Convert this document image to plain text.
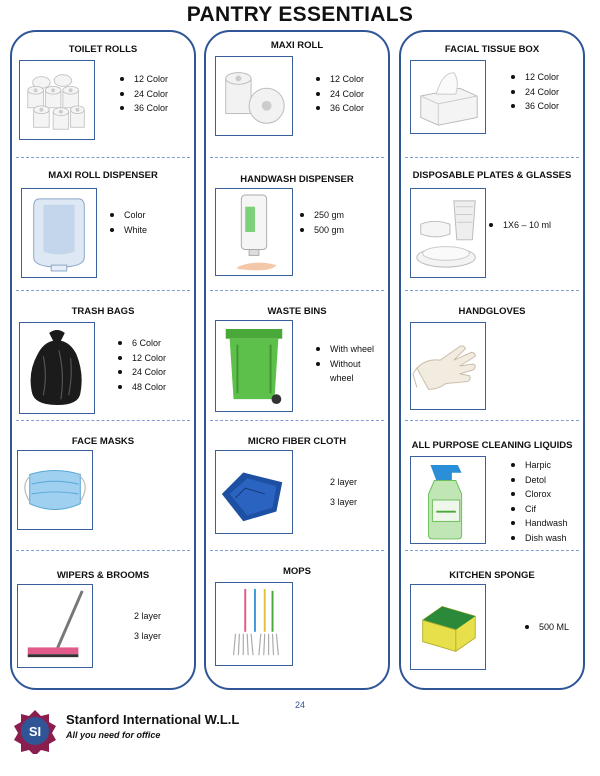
PANTRY ESSENTIALS
TOILET ROLLS
12 Color
24 Color
36 Color
MAXI ROLL DISPENSER
Color
White
TRASH BAGS
6 Color
12 Color
24 Color
48 Color
FACE MASKS
WIPERS & BROOMS
2 layer
3 layer
MAXI ROLL
12 Color
24 Color
36 Color
HANDWASH DISPENSER
250 gm
500 gm
WASTE BINS
With wheel
Without
wheel
MICRO FIBER CLOTH
2 layer
3 layer
MOPS
FACIAL TISSUE BOX
12 Color
24 Color
36 Color
DISPOSABLE PLATES & GLASSES
1X6 – 10 ml
HANDGLOVES
ALL PURPOSE CLEANING LIQUIDS
Harpic
Detol
Clorox
Cif
Handwash
Dish wash
KITCHEN SPONGE
500 ML
24
SI
Stanford International W.L.L
All you need for office
